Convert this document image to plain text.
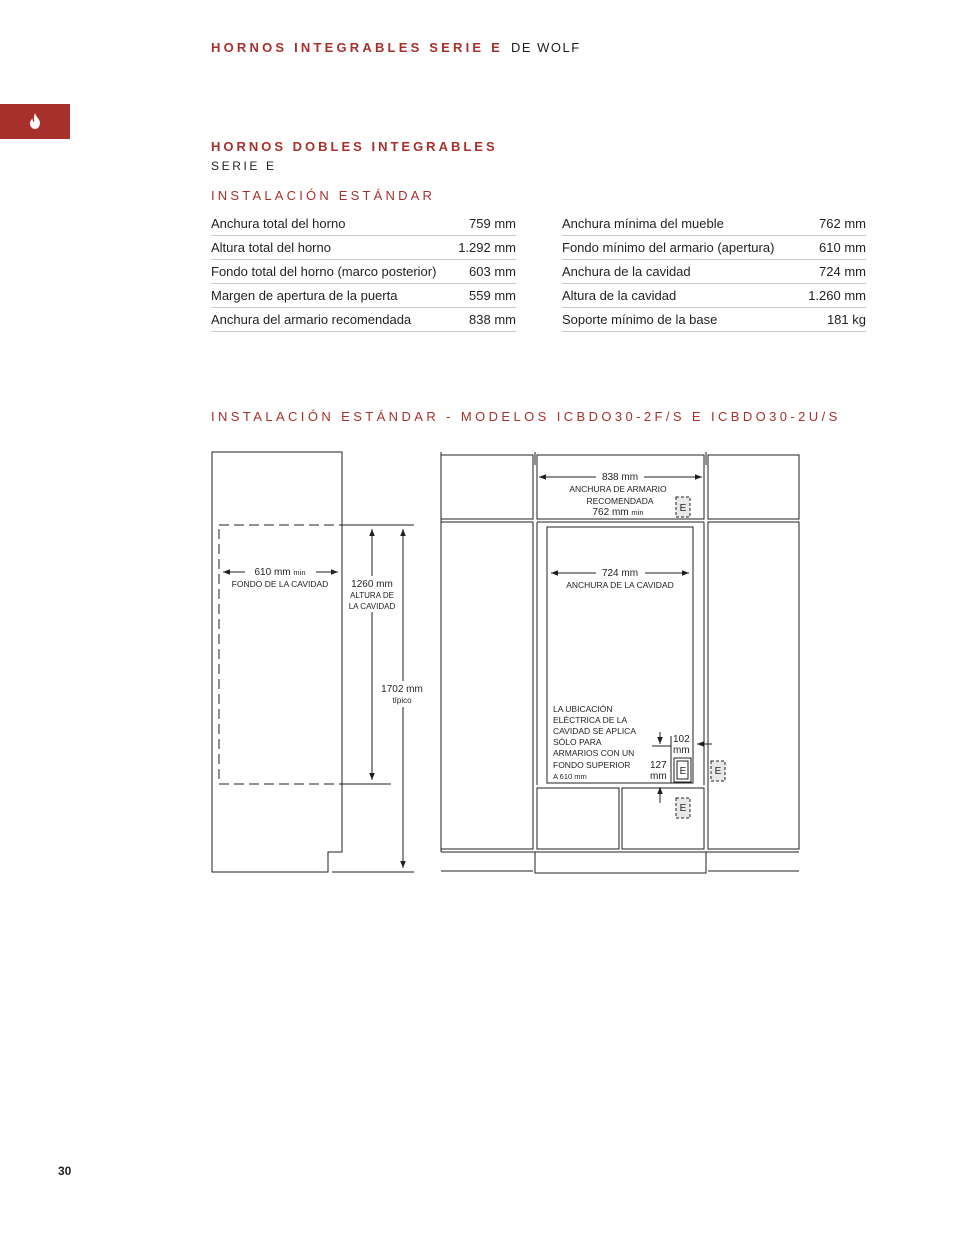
HORNOS INTEGRABLES SERIE E DE WOLF
HORNOS DOBLES INTEGRABLES
SERIE E
INSTALACIÓN ESTÁNDAR
Anchura total del horno	759 mm
Altura total del horno	1.292 mm
Fondo total del horno (marco posterior)	603 mm
Margen de apertura de la puerta	559 mm
Anchura del armario recomendada	838 mm
Anchura mínima del mueble	762 mm
Fondo mínimo del armario (apertura)	610 mm
Anchura de la cavidad	724 mm
Altura de la cavidad	1.260 mm
Soporte mínimo de la base	181 kg
INSTALACIÓN ESTÁNDAR - MODELOS ICBDO30-2F/S E ICBDO30-2U/S
610 mm min
FONDO DE LA CAVIDAD 1260 mm
ALTURA DE
LA CAVIDAD
1702 mm
típico
838 mm
ANCHURA DE ARMARIO
RECOMENDADA
762 mm min
724 mm
ANCHURA DE LA CAVIDAD
LA UBICACIÓN ELÉCTRICA DE LA CAVIDAD SE APLICA SÓLO PARA ARMARIOS CON UN FONDO SUPERIOR A 610 mm
102
mm
127
mm
E
E	E
E
30
